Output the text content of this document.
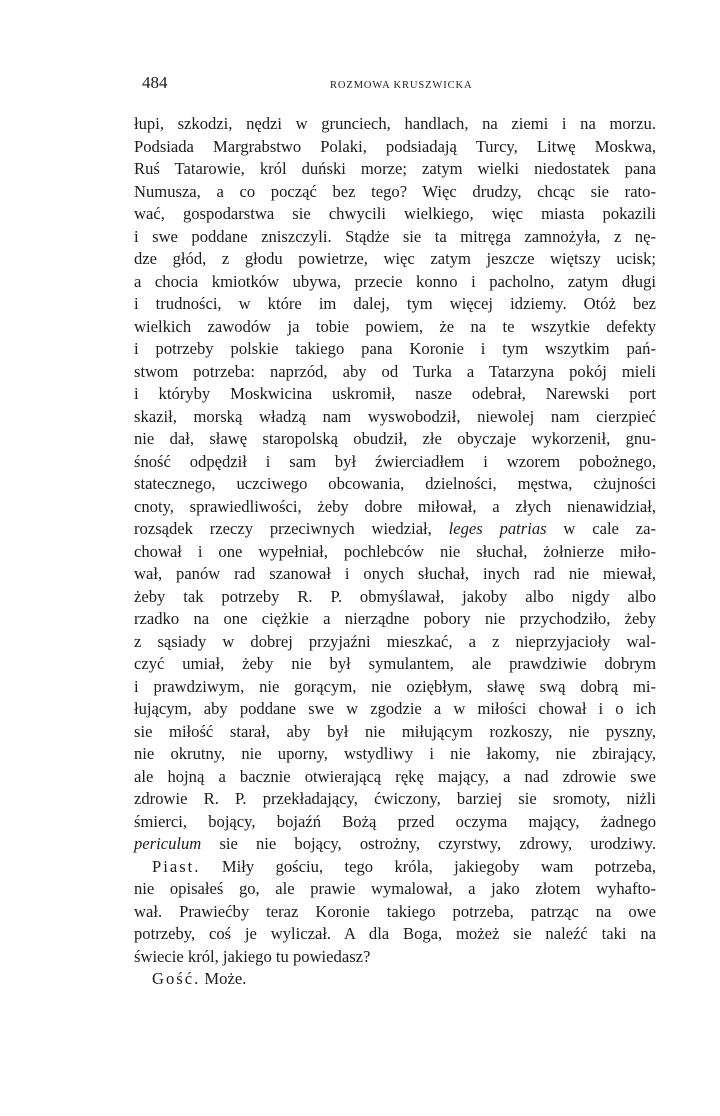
484	ROZMOWA KRUSZWICKA
łupi, szkodzi, nędzi w grunciech, handlach, na ziemi i na morzu.
Podsiada Margrabstwo Polaki, podsiadają Turcy, Litwę Moskwa,
Ruś Tatarowie, król duński morze; zatym wielki niedostatek pana
Numusza, a co począć bez tego? Więc drudzy, chcąc sie rato-
wać, gospodarstwa sie chwycili wielkiego, więc miasta pokazili
i swe poddane zniszczyli. Stądże sie ta mitręga zamnożyła, z nę-
dze głód, z głodu powietrze, więc zatym jeszcze więtszy ucisk;
a chocia kmiotków ubywa, przecie konno i pacholno, zatym długi
i trudności, w które im dalej, tym więcej idziemy. Otóż bez
wielkich zawodów ja tobie powiem, że na te wszytkie defekty
i potrzeby polskie takiego pana Koronie i tym wszytkim pań-
stwom potrzeba: naprzód, aby od Turka a Tatarzyna pokój mieli
i któryby Moskwicina uskromił, nasze odebrał, Narewski port
skaził, morską władzą nam wyswobodził, niewolej nam cierzpieć
nie dał, sławę staropolską obudził, złe obyczaje wykorzenił, gnu-
śność odpędził i sam był źwierciadłem i wzorem pobożnego,
statecznego, uczciwego obcowania, dzielności, męstwa, cżujności
cnoty, sprawiedliwości, żeby dobre miłował, a złych nienawidział,
rozsądek rzeczy przeciwnych wiedział, leges patrias w cale za-
chował i one wypełniał, pochlebców nie słuchał, żołnierze miło-
wał, panów rad szanował i onych słuchał, inych rad nie miewał,
żeby tak potrzeby R. P. obmyślawał, jakoby albo nigdy albo
rzadko na one ciężkie a nierządne pobory nie przychodziło, żeby
z sąsiady w dobrej przyjaźni mieszkać, a z nieprzyjacioły wal-
czyć umiał, żeby nie był symulantem, ale prawdziwie dobrym
i prawdziwym, nie gorącym, nie oziębłym, sławę swą dobrą mi-
łującym, aby poddane swe w zgodzie a w miłości chował i o ich
sie miłość starał, aby był nie miłującym rozkoszy, nie pyszny,
nie okrutny, nie uporny, wstydliwy i nie łakomy, nie zbirający,
ale hojną a bacznie otwierającą rękę mający, a nad zdrowie swe
zdrowie R. P. przekładający, ćwiczony, barziej sie sromoty, niżli
śmierci, bojący, bojaźń Bożą przed oczyma mający, żadnego
periculum sie nie bojący, ostrożny, czyrstwy, zdrowy, urodziwy.
Piast. Miły gościu, tego króla, jakiegoby wam potrzeba,
nie opisałeś go, ale prawie wymalował, a jako złotem wyhafto-
wał. Prawiećby teraz Koronie takiego potrzeba, patrząc na owe
potrzeby, coś je wyliczał. A dla Boga, możeż sie naleźć taki na
świecie król, jakiego tu powiedasz?
Gość. Może.
